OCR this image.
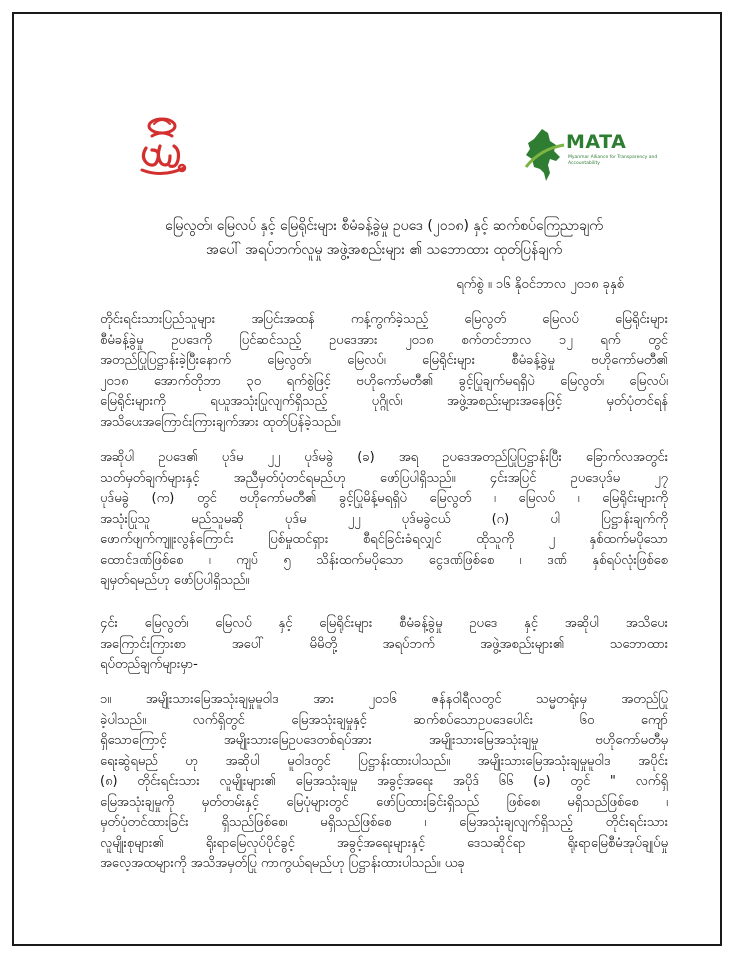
MATA
Myanmar Alliance for Transparency and Accountability
မြေလွတ်၊ မြေလပ် နှင့် မြေရိုင်းများ စီမံခန့်ခွဲမှု ဥပဒေ (၂၀၁၈) နှင့် ဆက်စပ်ကြေညာချက်
အပေါ် အရပ်ဘက်လူမှု အဖွဲ့အစည်းများ ၏ သဘောထား ထုတ်ပြန်ချက်
ရက်စွဲ ။ ၁၆ နိုဝင်ဘာလ ၂၀၁၈ ခုနှစ်
တိုင်းရင်းသားပြည်သူများ အပြင်းအထန် ကန့်ကွက်ခဲ့သည့် မြေလွတ် မြေလပ် မြေရိုင်းများ
စီမံခန့်ခွဲမှု ဥပဒေကို ပြင်ဆင်သည့် ဥပဒေအား ၂၀၁၈ စက်တင်ဘာလ ၁၂ ရက် တွင်
အတည်ပြုပြဋ္ဌာန်းခဲ့ပြီးနောက် မြေလွတ်၊ မြေလပ်၊ မြေရိုင်းများ စီမံခန့်ခွဲမှု ဗဟိုကော်မတီ၏
၂၀၁၈ အောက်တိုဘာ ၃၀ ရက်စွဲဖြင့် ဗဟိုကော်မတီ၏ ခွင့်ပြုချက်မရရှိပဲ မြေလွတ်၊ မြေလပ်၊
မြေရိုင်းများကို ရယူအသုံးပြုလျက်ရှိသည့် ပုဂ္ဂိုလ်၊ အဖွဲ့အစည်းများအနေဖြင့် မှတ်ပုံတင်ရန်
အသိပေးအကြောင်းကြားချက်အား ထုတ်ပြန်ခဲ့သည်။
အဆိုပါ ဥပဒေ၏ ပုဒ်မ ၂၂ ပုဒ်မခွဲ (ခ) အရ ဥပဒေအတည်ပြုပြဋ္ဌာန်းပြီး ခြောက်လအတွင်း
သတ်မှတ်ချက်များနှင့် အညီမှတ်ပုံတင်ရမည်ဟု ဖော်ပြပါရှိသည်။ ၄င်းအပြင် ဥပဒေပုဒ်မ ၂၇
ပုဒ်မခွဲ (က) တွင် ဗဟိုကော်မတီ၏ ခွင့်ပြုမိန့်မရရှိပဲ မြေလွတ် ၊ မြေလပ် ၊ မြေရိုင်းများကို
အသုံးပြုသူ မည်သူမဆို ပုဒ်မ ၂၂ ပုဒ်မခွဲငယ် (ဂ) ပါ ပြဋ္ဌာန်းချက်ကို
ဖောက်ဖျက်ကျူးလွန်ကြောင်း ပြစ်မှုထင်ရှား စီရင်ခြင်းခံရလျှင် ထိုသူကို ၂ နှစ်ထက်မပိုသော
ထောင်ဒဏ်ဖြစ်စေ ၊ ကျပ် ၅ သိန်းထက်မပိုသော ငွေဒဏ်ဖြစ်စေ ၊ ဒဏ် နှစ်ရပ်လုံးဖြစ်စေ
ချမှတ်ရမည်ဟု ဖော်ပြပါရှိသည်။
၄င်း မြေလွတ်၊ မြေလပ် နှင့် မြေရိုင်းများ စီမံခန့်ခွဲမှု ဥပဒေ နှင့် အဆိုပါ အသိပေး
အကြောင်းကြားစာ အပေါ် မိမိတို့ အရပ်ဘက် အဖွဲ့အစည်းများ၏ သဘောထား
ရပ်တည်ချက်များမှာ-
၁။ အမျိုးသားမြေအသုံးချမှုမူဝါဒ အား ၂၀၁၆ ဇန်နဝါရီလတွင် သမ္မတရုံးမှ အတည်ပြု
ခဲ့ပါသည်။ လက်ရှိတွင် မြေအသုံးချမှုနှင့် ဆက်စပ်သောဥပဒေပေါင်း ၆၀ ကျော်
ရှိသောကြောင့် အမျိုးသားမြေဥပဒေတစ်ရပ်အား အမျိုးသားမြေအသုံးချမှု ဗဟိုကော်မတီမှ
ရေးဆွဲရမည် ဟု အဆိုပါ မူဝါဒတွင် ပြဋ္ဌာန်းထားပါသည်။ အမျိုးသားမြေအသုံးချမှုမူဝါဒ အပိုင်း
(၈) တိုင်းရင်းသား လူမျိုးများ၏ မြေအသုံးချမှု အခွင့်အရေး အပိုဒ် ၆၆ (ခ) တွင် " လက်ရှိ
မြေအသုံးချမှုကို မှတ်တမ်းနှင့် မြေပုံများတွင် ဖော်ပြထားခြင်းရှိသည် ဖြစ်စေ၊ မရှိသည်ဖြစ်စေ ၊
မှတ်ပုံတင်ထားခြင်း ရှိသည်ဖြစ်စေ၊ မရှိသည်ဖြစ်စေ ၊ မြေအသုံးချလျက်ရှိသည့် တိုင်းရင်းသား
လူမျိုးစုများ၏ ရိုးရာမြေလုပ်ပိုင်ခွင့် အခွင့်အရေးများနှင့် ဒေသဆိုင်ရာ ရိုးရာမြေစီမံအုပ်ချုပ်မှု
အလေ့အထများကို အသိအမှတ်ပြု ကာကွယ်ရမည်ဟု ပြဋ္ဌာန်းထားပါသည်။ ယခု
